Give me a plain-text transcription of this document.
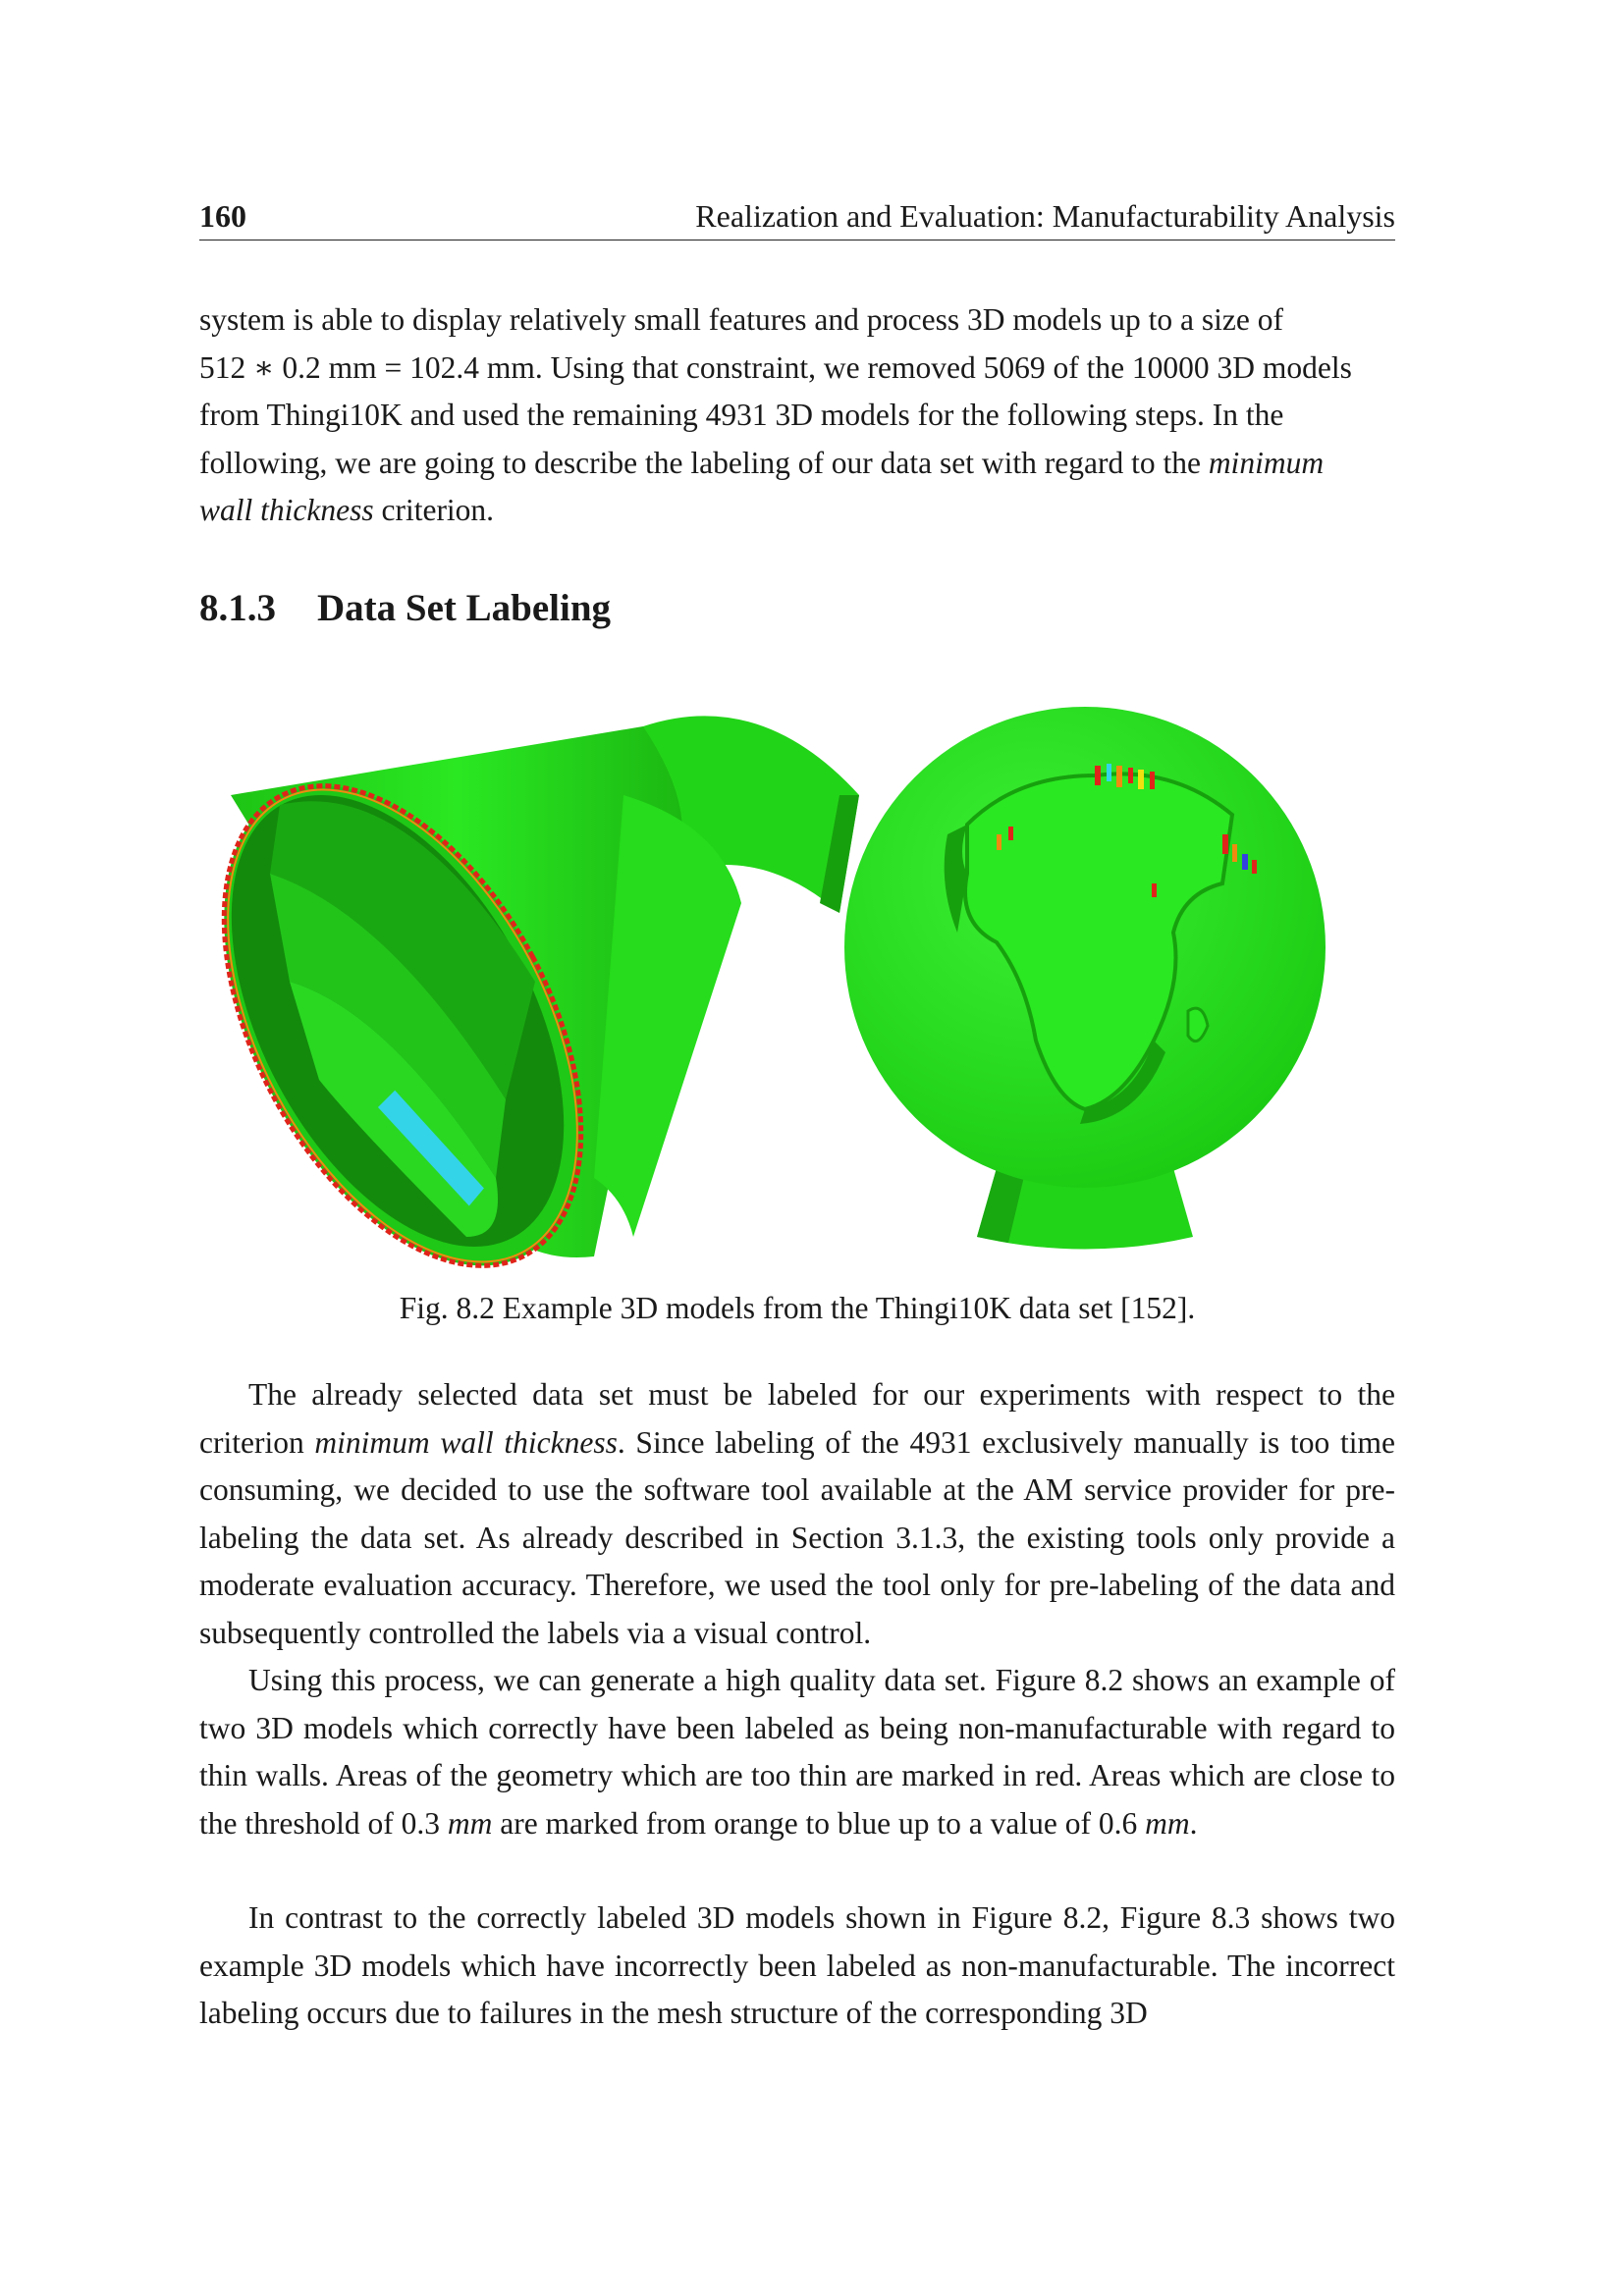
160	Realization and Evaluation: Manufacturability Analysis

system is able to display relatively small features and process 3D models up to a size of
512 ∗ 0.2 mm = 102.4 mm. Using that constraint, we removed 5069 of the 10000 3D models
from Thingi10K and used the remaining 4931 3D models for the following steps. In the
following, we are going to describe the labeling of our data set with regard to the minimum
wall thickness criterion.

8.1.3 Data Set Labeling
Fig. 8.2 Example 3D models from the Thingi10K data set [152].

The already selected data set must be labeled for our experiments with respect to the criterion minimum wall thickness. Since labeling of the 4931 exclusively manually is too time consuming, we decided to use the software tool available at the AM service provider for pre-labeling the data set. As already described in Section 3.1.3, the existing tools only provide a moderate evaluation accuracy. Therefore, we used the tool only for pre-labeling of the data and subsequently controlled the labels via a visual control.

Using this process, we can generate a high quality data set. Figure 8.2 shows an example of two 3D models which correctly have been labeled as being non-manufacturable with regard to thin walls. Areas of the geometry which are too thin are marked in red. Areas which are close to the threshold of 0.3 mm are marked from orange to blue up to a value of 0.6 mm.

In contrast to the correctly labeled 3D models shown in Figure 8.2, Figure 8.3 shows two example 3D models which have incorrectly been labeled as non-manufacturable. The incorrect labeling occurs due to failures in the mesh structure of the corresponding 3D
